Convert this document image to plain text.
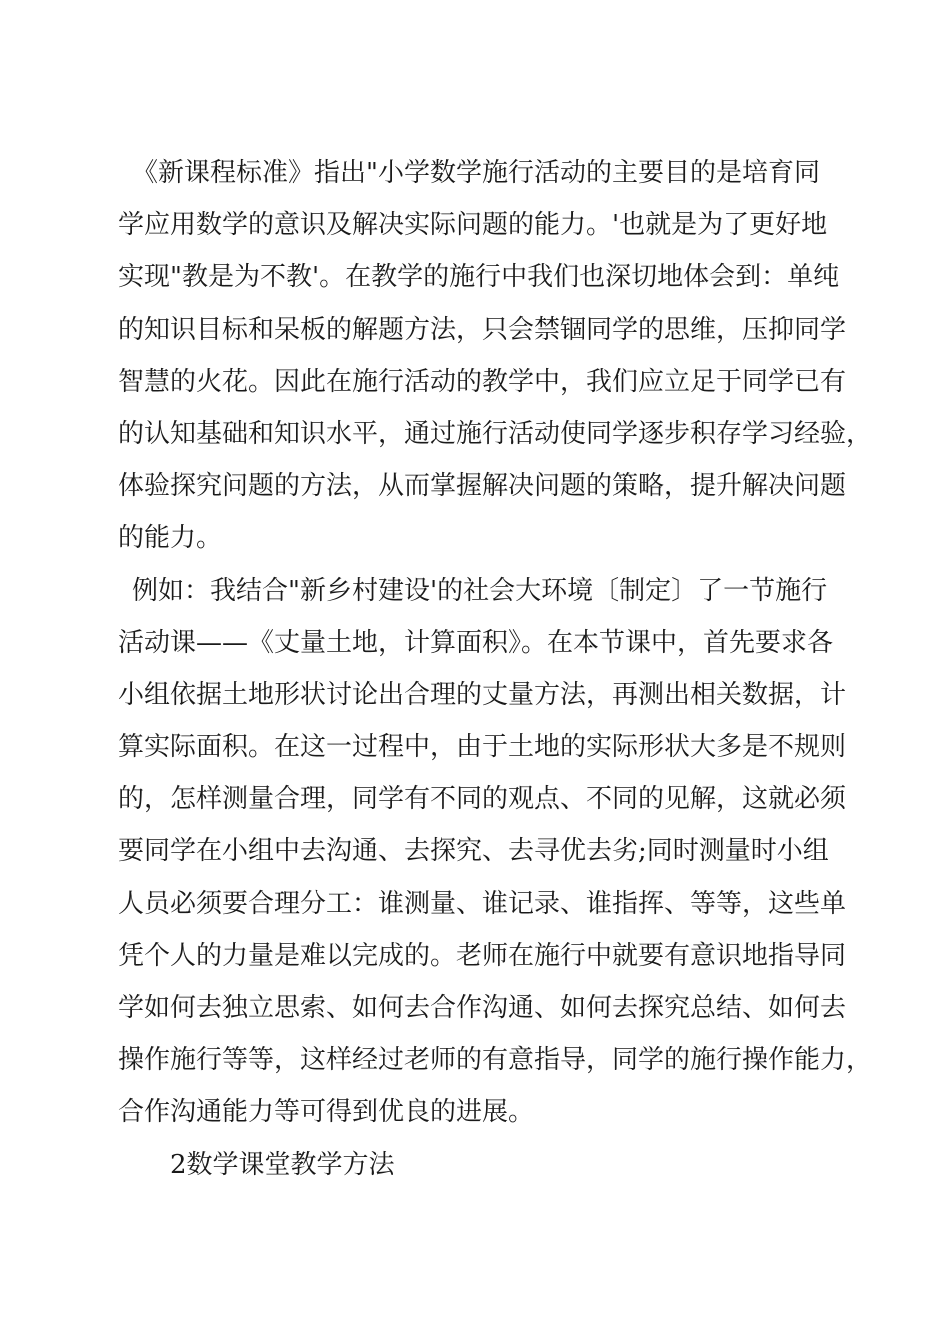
《新课程标准》指出"小学数学施行活动的主要目的是培育同
学应用数学的意识及解决实际问题的能力。'也就是为了更好地
实现"教是为不教'。在教学的施行中我们也深切地体会到：单纯
的知识目标和呆板的解题方法，只会禁锢同学的思维，压抑同学
智慧的火花。因此在施行活动的教学中，我们应立足于同学已有
的认知基础和知识水平，通过施行活动使同学逐步积存学习经验，
体验探究问题的方法，从而掌握解决问题的策略，提升解决问题
的能力。
例如：我结合"新乡村建设'的社会大环境〔制定〕了一节施行
活动课——《丈量土地，计算面积》。在本节课中，首先要求各
小组依据土地形状讨论出合理的丈量方法，再测出相关数据，计
算实际面积。在这一过程中，由于土地的实际形状大多是不规则
的，怎样测量合理，同学有不同的观点、不同的见解，这就必须
要同学在小组中去沟通、去探究、去寻优去劣;同时测量时小组
人员必须要合理分工：谁测量、谁记录、谁指挥、等等，这些单
凭个人的力量是难以完成的。老师在施行中就要有意识地指导同
学如何去独立思索、如何去合作沟通、如何去探究总结、如何去
操作施行等等，这样经过老师的有意指导，同学的施行操作能力，
合作沟通能力等可得到优良的进展。
2数学课堂教学方法
